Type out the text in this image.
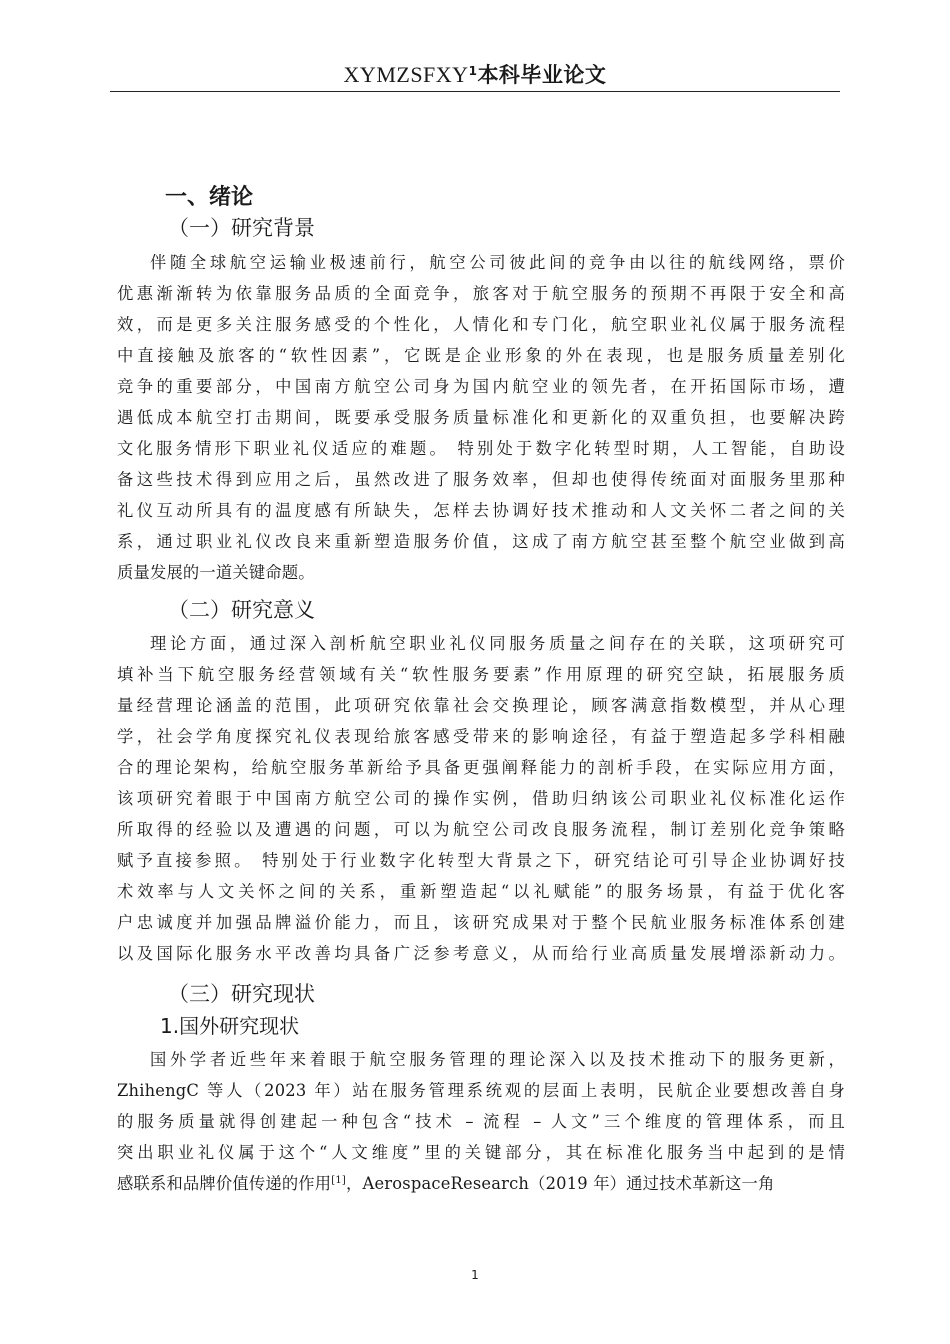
XYMZSFXY$^1$本科毕业论文
一、绪论
（一）研究背景
伴随全球航空运输业极速前行，航空公司彼此间的竞争由以往的航线网络，票价
优惠渐渐转为依靠服务品质的全面竞争，旅客对于航空服务的预期不再限于安全和高
效，而是更多关注服务感受的个性化，人情化和专门化，航空职业礼仪属于服务流程
中直接触及旅客的“软性因素”，它既是企业形象的外在表现，也是服务质量差别化
竞争的重要部分，中国南方航空公司身为国内航空业的领先者，在开拓国际市场，遭
遇低成本航空打击期间，既要承受服务质量标准化和更新化的双重负担，也要解决跨
文化服务情形下职业礼仪适应的难题。 特别处于数字化转型时期，人工智能，自助设
备这些技术得到应用之后，虽然改进了服务效率，但却也使得传统面对面服务里那种
礼仪互动所具有的温度感有所缺失，怎样去协调好技术推动和人文关怀二者之间的关
系，通过职业礼仪改良来重新塑造服务价值，这成了南方航空甚至整个航空业做到高
质量发展的一道关键命题。
（二）研究意义
理论方面，通过深入剖析航空职业礼仪同服务质量之间存在的关联，这项研究可
填补当下航空服务经营领域有关“软性服务要素”作用原理的研究空缺，拓展服务质
量经营理论涵盖的范围，此项研究依靠社会交换理论，顾客满意指数模型，并从心理
学，社会学角度探究礼仪表现给旅客感受带来的影响途径，有益于塑造起多学科相融
合的理论架构，给航空服务革新给予具备更强阐释能力的剖析手段，在实际应用方面，
该项研究着眼于中国南方航空公司的操作实例，借助归纳该公司职业礼仪标准化运作
所取得的经验以及遭遇的问题，可以为航空公司改良服务流程，制订差别化竞争策略
赋予直接参照。 特别处于行业数字化转型大背景之下，研究结论可引导企业协调好技
术效率与人文关怀之间的关系，重新塑造起“以礼赋能”的服务场景，有益于优化客
户忠诚度并加强品牌溢价能力，而且，该研究成果对于整个民航业服务标准体系创建
以及国际化服务水平改善均具备广泛参考意义，从而给行业高质量发展增添新动力。
（三）研究现状
1.国外研究现状
国外学者近些年来着眼于航空服务管理的理论深入以及技术推动下的服务更新，
ZhihengC 等人（2023 年）站在服务管理系统观的层面上表明，民航企业要想改善自身
的服务质量就得创建起一种包含“技术 – 流程 – 人文”三个维度的管理体系，而且
突出职业礼仪属于这个“人文维度”里的关键部分，其在标准化服务当中起到的是情
感联系和品牌价值传递的作用[1]，AerospaceResearch（2019 年）通过技术革新这一角
1
